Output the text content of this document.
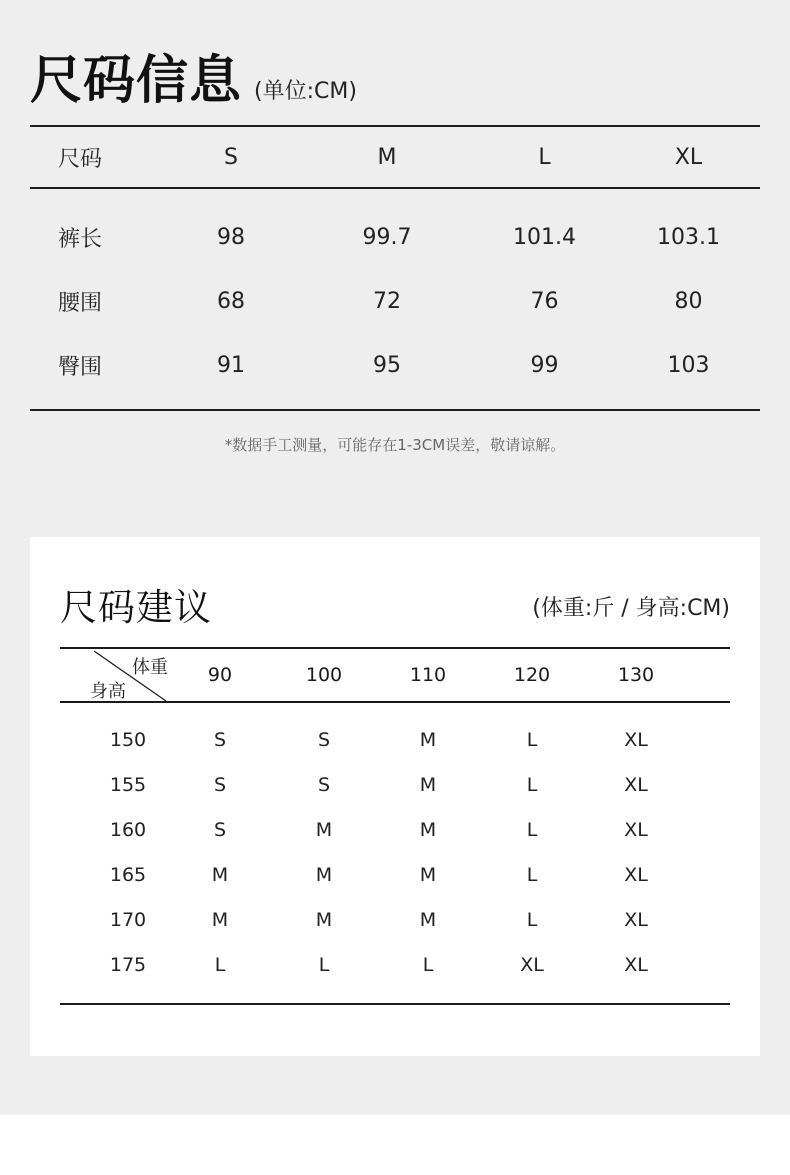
尺码信息 (单位:CM)
尺码	S	M	L	XL
裤长	98	99.7	101.4	103.1
腰围	68	72	76	80
臀围	91	95	99	103
*数据手工测量，可能存在1-3CM误差，敬请谅解。
尺码建议	(体重:斤 / 身高:CM)
体重
身高
90	100	110	120	130
150	S	S	M	L	XL
155	S	S	M	L	XL
160	S	M	M	L	XL
165	M	M	M	L	XL
170	M	M	M	L	XL
175	L	L	L	XL	XL
